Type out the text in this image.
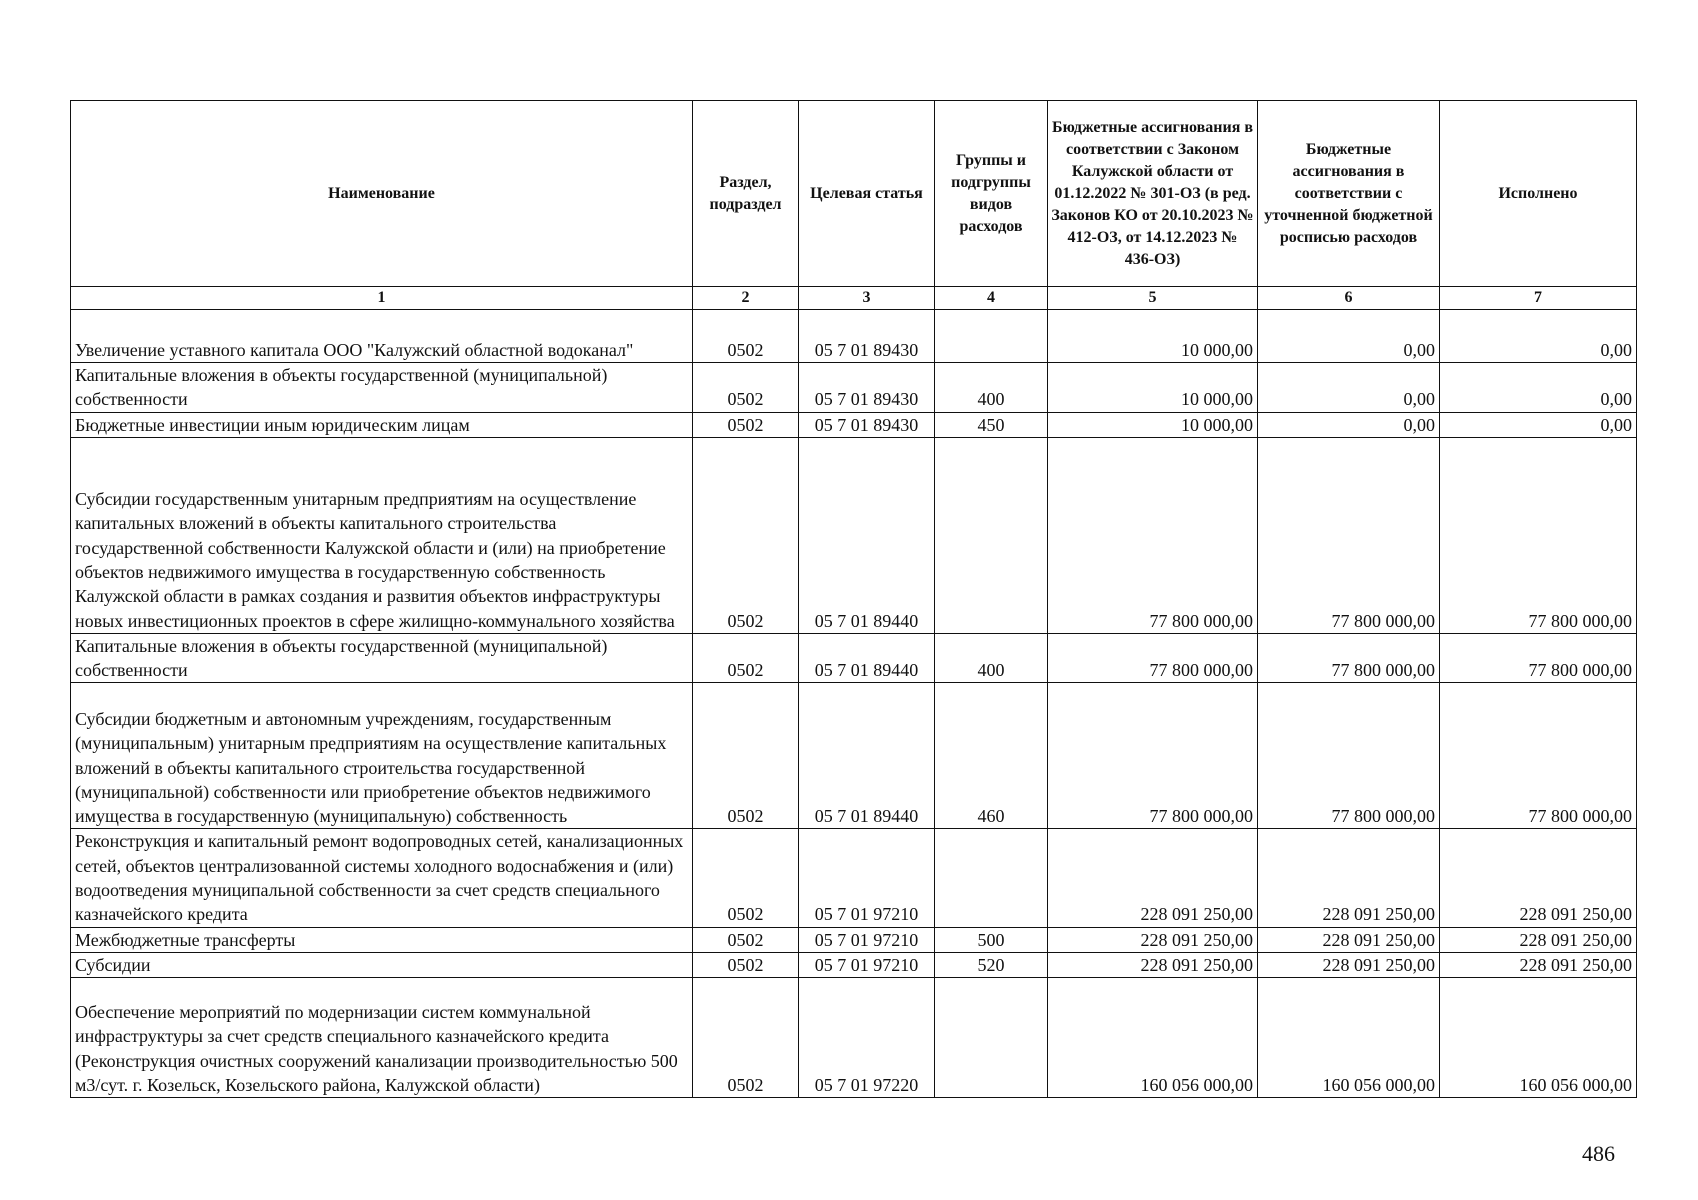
Наименование	Раздел, подраздел	Целевая статья	Группы и подгруппы видов расходов	Бюджетные ассигнования в соответствии с Законом Калужской области от 01.12.2022 № 301-ОЗ (в ред. Законов КО от 20.10.2023 № 412-ОЗ, от 14.12.2023 № 436-ОЗ)	Бюджетные ассигнования в соответствии с уточненной бюджетной росписью расходов	Исполнено
1	2	3	4	5	6	7
Увеличение уставного капитала ООО "Калужский областной водоканал"	0502	05 7 01 89430		10 000,00	0,00	0,00
Капитальные вложения в объекты государственной (муниципальной) собственности	0502	05 7 01 89430	400	10 000,00	0,00	0,00
Бюджетные инвестиции иным юридическим лицам	0502	05 7 01 89430	450	10 000,00	0,00	0,00
Субсидии государственным унитарным предприятиям на осуществление капитальных вложений в объекты капитального строительства государственной собственности Калужской области и (или) на приобретение объектов недвижимого имущества в государственную собственность Калужской области в рамках создания и развития объектов инфраструктуры новых инвестиционных проектов в сфере жилищно-коммунального хозяйства	0502	05 7 01 89440		77 800 000,00	77 800 000,00	77 800 000,00
Капитальные вложения в объекты государственной (муниципальной) собственности	0502	05 7 01 89440	400	77 800 000,00	77 800 000,00	77 800 000,00
Субсидии бюджетным и автономным учреждениям, государственным (муниципальным) унитарным предприятиям на осуществление капитальных вложений в объекты капитального строительства государственной (муниципальной) собственности или приобретение объектов недвижимого имущества в государственную (муниципальную) собственность	0502	05 7 01 89440	460	77 800 000,00	77 800 000,00	77 800 000,00
Реконструкция и капитальный ремонт водопроводных сетей, канализационных сетей, объектов централизованной системы холодного водоснабжения и (или) водоотведения муниципальной собственности за счет средств специального казначейского кредита	0502	05 7 01 97210		228 091 250,00	228 091 250,00	228 091 250,00
Межбюджетные трансферты	0502	05 7 01 97210	500	228 091 250,00	228 091 250,00	228 091 250,00
Субсидии	0502	05 7 01 97210	520	228 091 250,00	228 091 250,00	228 091 250,00
Обеспечение мероприятий по модернизации систем коммунальной инфраструктуры за счет средств специального казначейского кредита (Реконструкция очистных сооружений канализации производительностью 500 м3/сут. г. Козельск, Козельского района, Калужской области)	0502	05 7 01 97220		160 056 000,00	160 056 000,00	160 056 000,00
486
